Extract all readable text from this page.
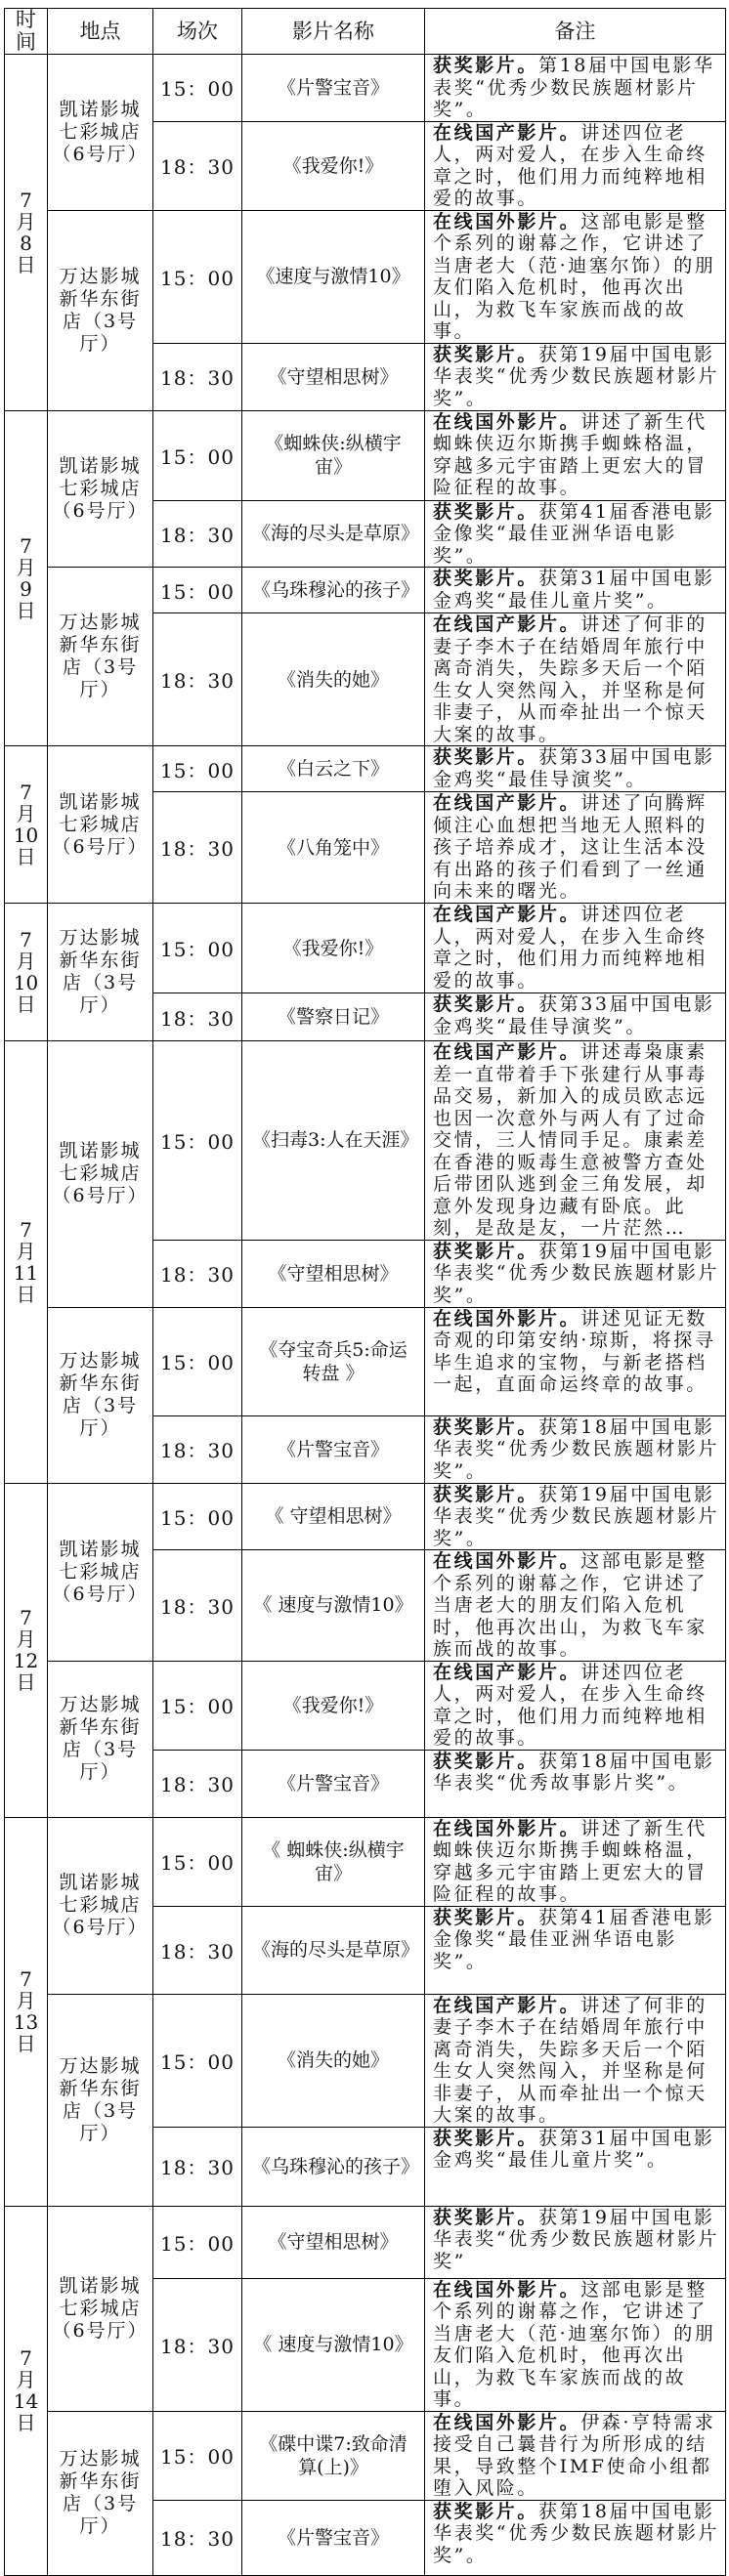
时间	地点	场次	影片名称	备注

7
月
8
日	凯诺影城七彩城店（6号厅）	15：00	《片警宝音》	获奖影片。第18届中国电影华表奖“优秀少数民族题材影片奖”。
		18：30	《我爱你!》	在线国产影片。讲述四位老人，两对爱人，在步入生命终章之时，他们用力而纯粹地相爱的故事。
	万达影城新华东街店（3号厅）	15：00	《速度与激情10》	在线国外影片。这部电影是整个系列的谢幕之作，它讲述了当唐老大（范·迪塞尔饰）的朋友们陷入危机时，他再次出山，为救飞车家族而战的故事。
		18：30	《守望相思树》	获奖影片。获第19届中国电影华表奖“优秀少数民族题材影片奖”。

7
月
9
日	凯诺影城七彩城店（6号厅）	15：00	《蜘蛛侠:纵横宇宙》	在线国外影片。讲述了新生代蜘蛛侠迈尔斯携手蜘蛛格温，穿越多元宇宙踏上更宏大的冒险征程的故事。
		18：30	《海的尽头是草原》	获奖影片。获第41届香港电影金像奖“最佳亚洲华语电影奖”。
	万达影城新华东街店（3号厅）	15：00	《乌珠穆沁的孩子》	获奖影片。获第31届中国电影金鸡奖“最佳儿童片奖”。
		18：30	《消失的她》	在线国产影片。讲述了何非的妻子李木子在结婚周年旅行中离奇消失，失踪多天后一个陌生女人突然闯入，并坚称是何非妻子，从而牵扯出一个惊天大案的故事。

7
月
10
日	凯诺影城七彩城店（6号厅）	15：00	《白云之下》	获奖影片。获第33届中国电影金鸡奖“最佳导演奖”。
		18：30	《八角笼中》	在线国产影片。讲述了向腾辉倾注心血想把当地无人照料的孩子培养成才，这让生活本没有出路的孩子们看到了一丝通向未来的曙光。

7
月
10
日	万达影城新华东街店（3号厅）	15：00	《我爱你!》	在线国产影片。讲述四位老人，两对爱人，在步入生命终章之时，他们用力而纯粹地相爱的故事。
		18：30	《警察日记》	获奖影片。获第33届中国电影金鸡奖“最佳导演奖”。

7
月
11
日	凯诺影城七彩城店（6号厅）	15：00	《扫毒3:人在天涯》	在线国产影片。讲述毒枭康素差一直带着手下张建行从事毒品交易，新加入的成员欧志远也因一次意外与两人有了过命交情，三人情同手足。康素差在香港的贩毒生意被警方查处后带团队逃到金三角发展，却意外发现身边藏有卧底。此刻，是敌是友，一片茫然…
		18：30	《守望相思树》	获奖影片。获第19届中国电影华表奖“优秀少数民族题材影片奖”。
	万达影城新华东街店（3号厅）	15：00	《夺宝奇兵5:命运转盘 》	在线国外影片。讲述见证无数奇观的印第安纳·琼斯，将探寻毕生追求的宝物，与新老搭档一起，直面命运终章的故事。
		18：30	《片警宝音》	获奖影片。获第18届中国电影华表奖“优秀少数民族题材影片奖”。

7
月
12
日	凯诺影城七彩城店（6号厅）	15：00	《 守望相思树》	获奖影片。获第19届中国电影华表奖“优秀少数民族题材影片奖”。
		18：30	《 速度与激情10》	在线国外影片。这部电影是整个系列的谢幕之作，它讲述了当唐老大的朋友们陷入危机时，他再次出山，为救飞车家族而战的故事。
	万达影城新华东街店（3号厅）	15：00	《我爱你!》	在线国产影片。讲述四位老人，两对爱人，在步入生命终章之时，他们用力而纯粹地相爱的故事。
		18：30	《片警宝音》	获奖影片。获第18届中国电影华表奖“优秀故事影片奖”。

7
月
13
日	凯诺影城七彩城店（6号厅）	15：00	《 蜘蛛侠:纵横宇宙》	在线国外影片。讲述了新生代蜘蛛侠迈尔斯携手蜘蛛格温，穿越多元宇宙踏上更宏大的冒险征程的故事。
		18：30	《海的尽头是草原》	获奖影片。获第41届香港电影金像奖“最佳亚洲华语电影奖”。
	万达影城新华东街店（3号厅）	15：00	《消失的她》	在线国产影片。讲述了何非的妻子李木子在结婚周年旅行中离奇消失，失踪多天后一个陌生女人突然闯入，并坚称是何非妻子，从而牵扯出一个惊天大案的故事。
		18：30	《乌珠穆沁的孩子》	获奖影片。获第31届中国电影金鸡奖“最佳儿童片奖”。

7
月
14
日	凯诺影城七彩城店（6号厅）	15：00	《守望相思树》	获奖影片。获第19届中国电影华表奖“优秀少数民族题材影片奖”
		18：30	《 速度与激情10》	在线国外影片。这部电影是整个系列的谢幕之作，它讲述了当唐老大（范·迪塞尔饰）的朋友们陷入危机时，他再次出山，为救飞车家族而战的故事。
	万达影城新华东街店（3号厅）	15：00	《碟中谍7:致命清算(上)》	在线国外影片。伊森·亨特需求接受自己曩昔行为所形成的结果，导致整个IMF使命小组都堕入风险。
		18：30	《片警宝音》	获奖影片。获第18届中国电影华表奖“优秀少数民族题材影片奖”。
